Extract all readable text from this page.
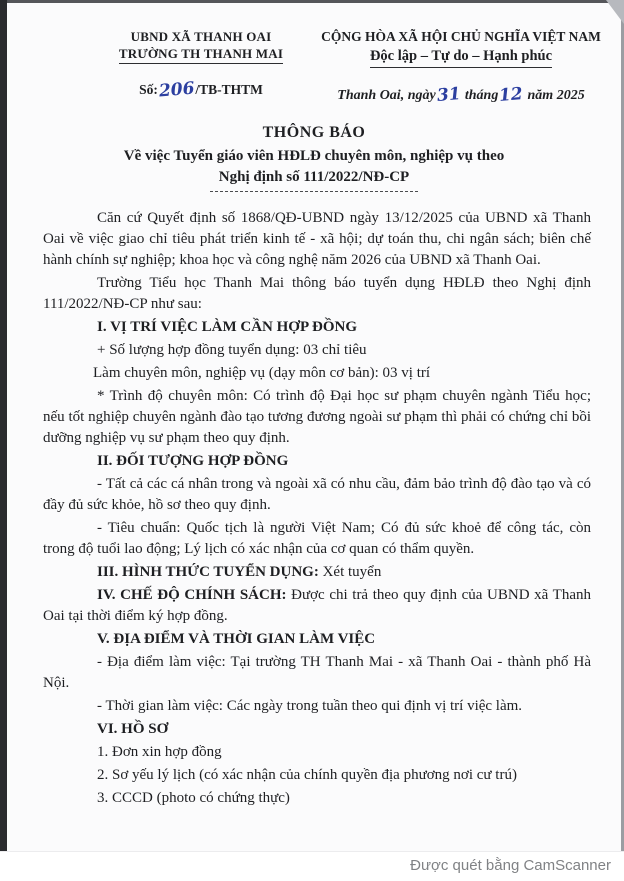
UBND XÃ THANH OAI
TRƯỜNG TH THANH MAI
Số:206/TB-THTM
CỘNG HÒA XÃ HỘI CHỦ NGHĨA VIỆT NAM
Độc lập – Tự do – Hạnh phúc
Thanh Oai, ngày31 tháng12 năm 2025
THÔNG BÁO
Về việc Tuyển giáo viên HĐLĐ chuyên môn, nghiệp vụ theo
Nghị định số 111/2022/NĐ-CP

Căn cứ Quyết định số 1868/QĐ-UBND ngày 13/12/2025 của UBND xã Thanh Oai về việc giao chỉ tiêu phát triển kinh tế - xã hội; dự toán thu, chi ngân sách; biên chế hành chính sự nghiệp; khoa học và công nghệ năm 2026 của UBND xã Thanh Oai.

Trường Tiểu học Thanh Mai thông báo tuyển dụng HĐLĐ theo Nghị định 111/2022/NĐ-CP như sau:

I. VỊ TRÍ VIỆC LÀM CẦN HỢP ĐỒNG

+ Số lượng hợp đồng tuyển dụng: 03 chỉ tiêu

Làm chuyên môn, nghiệp vụ (dạy môn cơ bản): 03 vị trí

* Trình độ chuyên môn: Có trình độ Đại học sư phạm chuyên ngành Tiểu học; nếu tốt nghiệp chuyên ngành đào tạo tương đương ngoài sư phạm thì phải có chứng chỉ bồi dưỡng nghiệp vụ sư phạm theo quy định.

II. ĐỐI TƯỢNG HỢP ĐỒNG

- Tất cả các cá nhân trong và ngoài xã có nhu cầu, đảm bảo trình độ đào tạo và có đầy đủ sức khỏe, hồ sơ theo quy định.

- Tiêu chuẩn: Quốc tịch là người Việt Nam; Có đủ sức khoẻ để công tác, còn trong độ tuổi lao động; Lý lịch có xác nhận của cơ quan có thẩm quyền.

III. HÌNH THỨC TUYỂN DỤNG: Xét tuyển

IV. CHẾ ĐỘ CHÍNH SÁCH: Được chi trả theo quy định của UBND xã Thanh Oai tại thời điểm ký hợp đồng.

V. ĐỊA ĐIỂM VÀ THỜI GIAN LÀM VIỆC

- Địa điểm làm việc: Tại trường TH Thanh Mai - xã Thanh Oai - thành phố Hà Nội.

- Thời gian làm việc: Các ngày trong tuần theo qui định vị trí việc làm.

VI. HỒ SƠ

1. Đơn xin hợp đồng

2. Sơ yếu lý lịch (có xác nhận của chính quyền địa phương nơi cư trú)

3. CCCD (photo có chứng thực)

Được quét bằng CamScanner
